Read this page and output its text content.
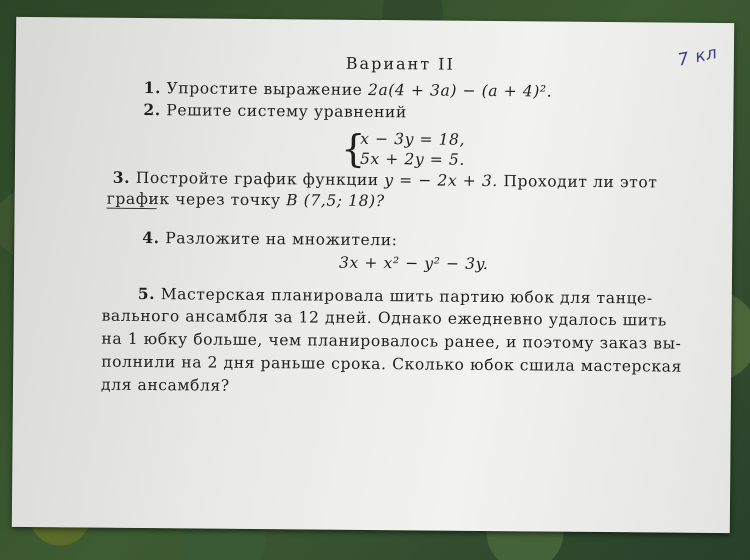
Вариант II	7 кл
1. Упростите выражение 2a(4 + 3a) − (a + 4)².
2. Решите систему уравнений
{
x − 3y = 18,
5x + 2y = 5.
3. Постройте график функции y = − 2x + 3. Проходит ли этот
график через точку B (7,5; 18)?
4. Разложите на множители:
3x + x² − y² − 3y.
5. Мастерская планировала шить партию юбок для танце-
вального ансамбля за 12 дней. Однако ежедневно удалось шить
на 1 юбку больше, чем планировалось ранее, и поэтому заказ вы-
полнили на 2 дня раньше срока. Сколько юбок сшила мастерская
для ансамбля?
